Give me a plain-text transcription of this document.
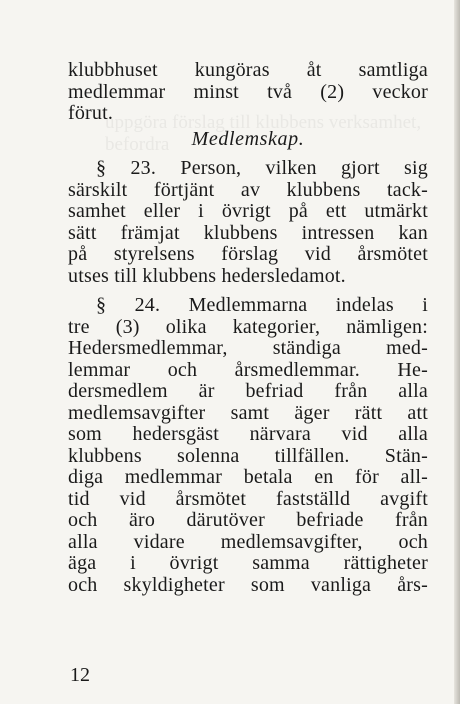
uppgöra förslag till klubbens verksamhet, befordra
klubbhuset kungöras åt samtliga
medlemmar minst två (2) veckor
förut.
Medlemskap.
§ 23. Person, vilken gjort sig
särskilt förtjänt av klubbens tack-
samhet eller i övrigt på ett utmärkt
sätt främjat klubbens intressen kan
på styrelsens förslag vid årsmötet
utses till klubbens hedersledamot.
§ 24. Medlemmarna indelas i
tre (3) olika kategorier, nämligen:
Hedersmedlemmar, ständiga med-
lemmar och årsmedlemmar. He-
dersmedlem är befriad från alla
medlemsavgifter samt äger rätt att
som hedersgäst närvara vid alla
klubbens solenna tillfällen. Stän-
diga medlemmar betala en för all-
tid vid årsmötet fastställd avgift
och äro därutöver befriade från
alla vidare medlemsavgifter, och
äga i övrigt samma rättigheter
och skyldigheter som vanliga års-
12
